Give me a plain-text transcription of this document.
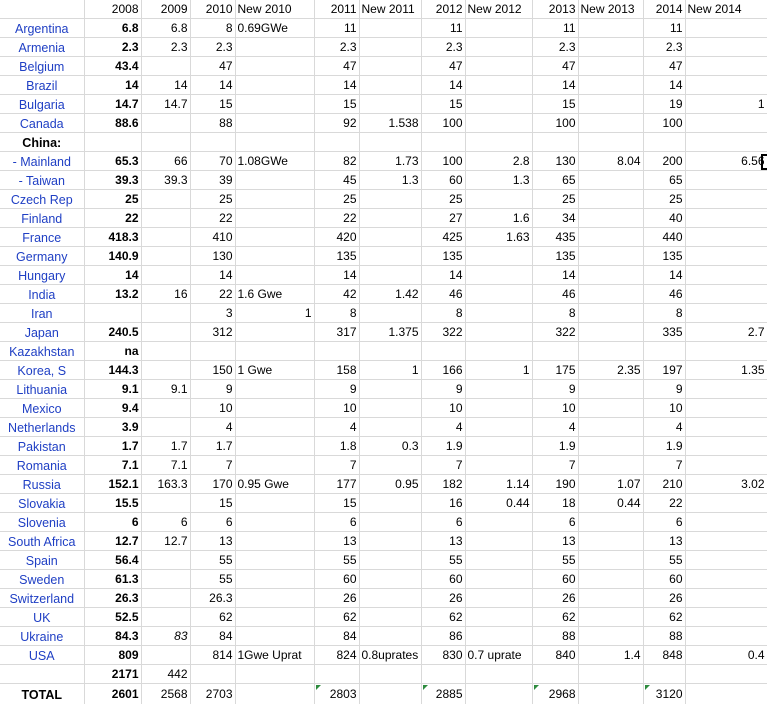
	2008	2009	2010	New 2010	2011	New 2011	2012	New 2012	2013	New 2013	2014	New 2014
Argentina	6.8	6.8	8	0.69GWe	11		11		11		11	
Armenia	2.3	2.3	2.3		2.3		2.3		2.3		2.3	
Belgium	43.4		47		47		47		47		47	
Brazil	14	14	14		14		14		14		14	
Bulgaria	14.7	14.7	15		15		15		15		19	1
Canada	88.6		88		92	1.538	100		100		100	
China:												
- Mainland	65.3	66	70	1.08GWe	82	1.73	100	2.8	130	8.04	200	6.56

- Taiwan	39.3	39.3	39		45	1.3	60	1.3	65		65	
Czech Rep	25		25		25		25		25		25	
Finland	22		22		22		27	1.6	34		40	
France	418.3		410		420		425	1.63	435		440	
Germany	140.9		130		135		135		135		135	
Hungary	14		14		14		14		14		14	
India	13.2	16	22	1.6 Gwe	42	1.42	46		46		46	
Iran			3	1	8		8		8		8	
Japan	240.5		312		317	1.375	322		322		335	2.7
Kazakhstan	na											
Korea, S	144.3		150	1 Gwe	158	1	166	1	175	2.35	197	1.35
Lithuania	9.1	9.1	9		9		9		9		9	
Mexico	9.4		10		10		10		10		10	
Netherlands	3.9		4		4		4		4		4	
Pakistan	1.7	1.7	1.7		1.8	0.3	1.9		1.9		1.9	
Romania	7.1	7.1	7		7		7		7		7	
Russia	152.1	163.3	170	0.95 Gwe	177	0.95	182	1.14	190	1.07	210	3.02
Slovakia	15.5		15		15		16	0.44	18	0.44	22	
Slovenia	6	6	6		6		6		6		6	
South Africa	12.7	12.7	13		13		13		13		13	
Spain	56.4		55		55		55		55		55	
Sweden	61.3		55		60		60		60		60	
Switzerland	26.3		26.3		26		26		26		26	
UK	52.5		62		62		62		62		62	
Ukraine	84.3	83	84		84		86		88		88	
USA	809		814	1Gwe Uprat	824	0.8uprates	830	0.7 uprate	840	1.4	848	0.4
	2171	442										
TOTAL	2601	2568	2703		2803		2885		2968		3120	
